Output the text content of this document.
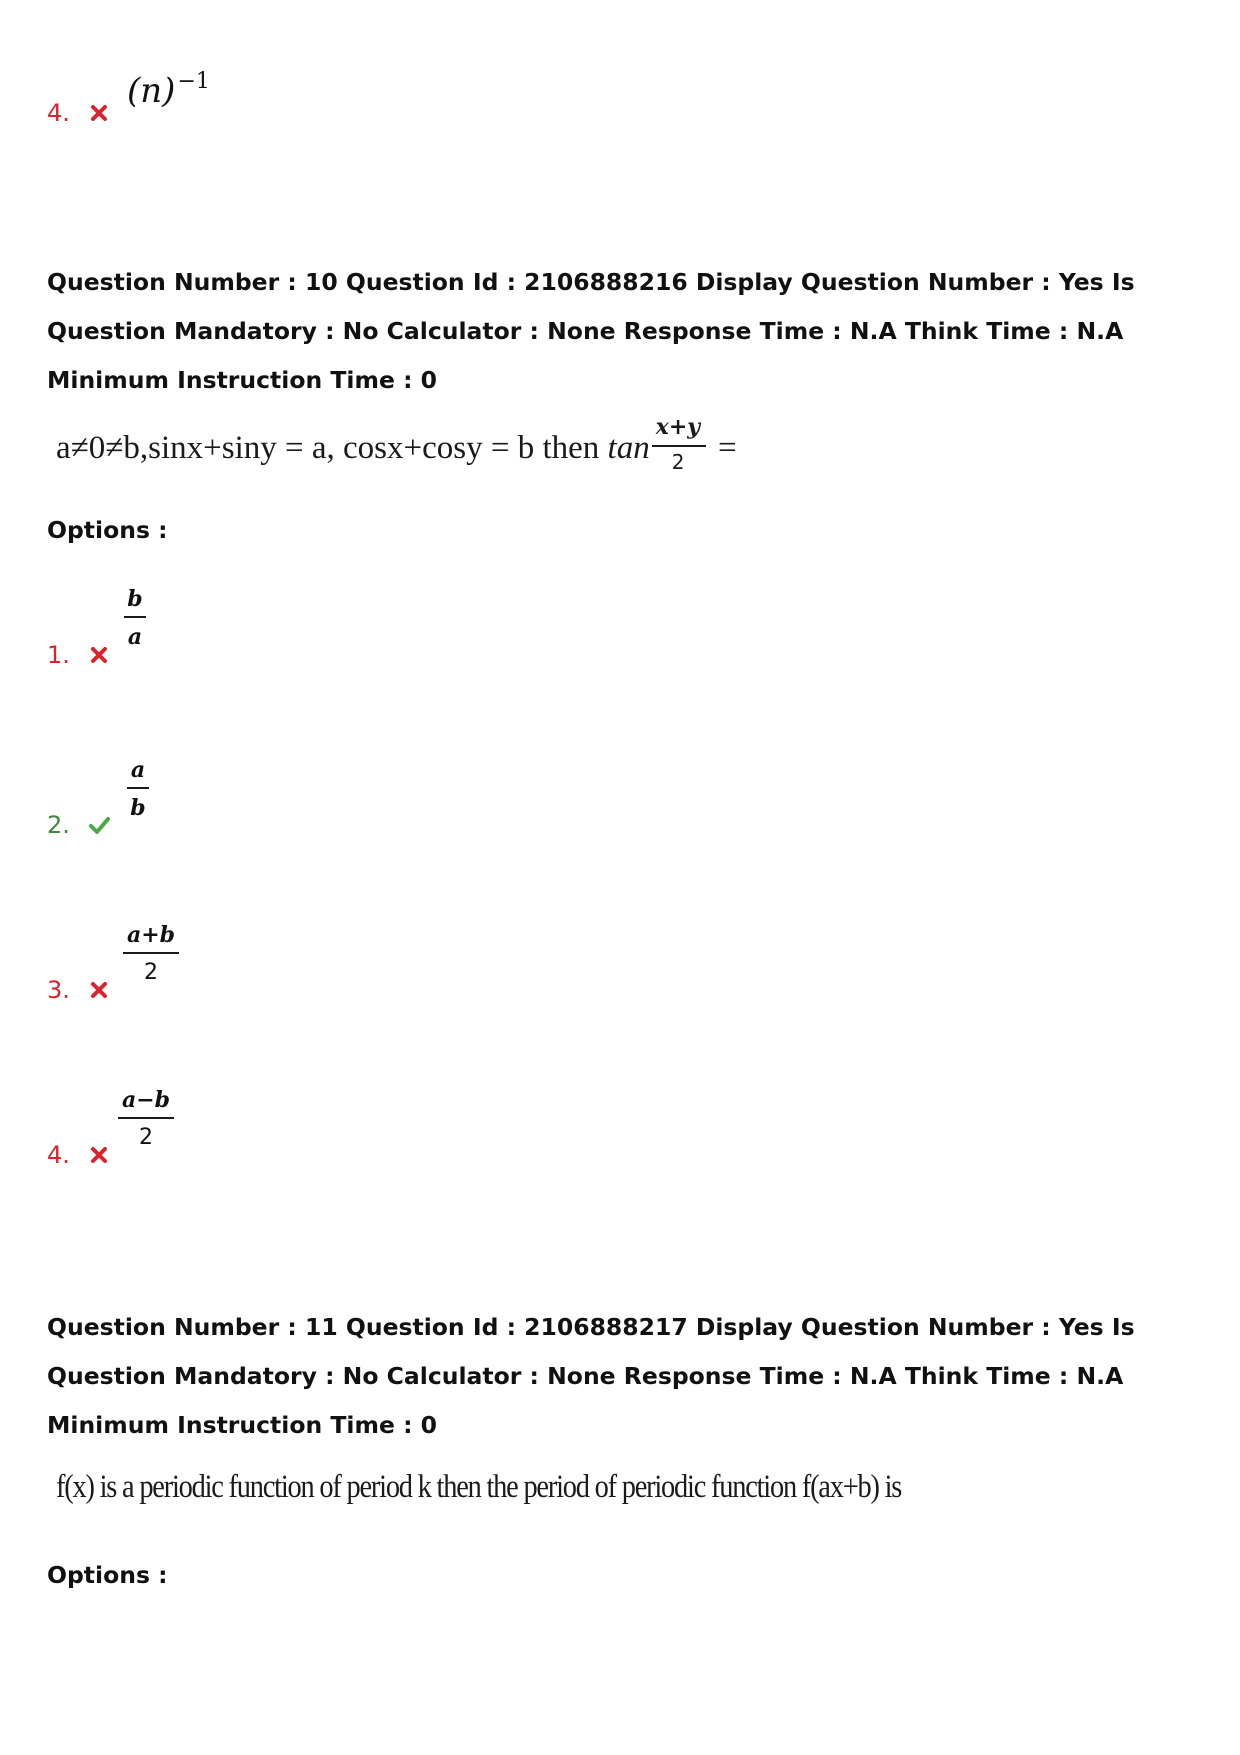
4.
$(n)^{-1}$
Question Number : 10 Question Id : 2106888216 Display Question Number : Yes Is Question Mandatory : No Calculator : None Response Time : N.A Think Time : N.A Minimum Instruction Time : 0
a≠0≠b,sinx+siny = a, cosx+cosy = b then $\tan \frac{x+y}{2}$ =
Options :
1.
b
a
2.
a
b
3.
a+b
2
4.
a−b
2
Question Number : 11 Question Id : 2106888217 Display Question Number : Yes Is Question Mandatory : No Calculator : None Response Time : N.A Think Time : N.A Minimum Instruction Time : 0
f(x) is a periodic function of period k then the period of periodic function f(ax+b) is
Options :
